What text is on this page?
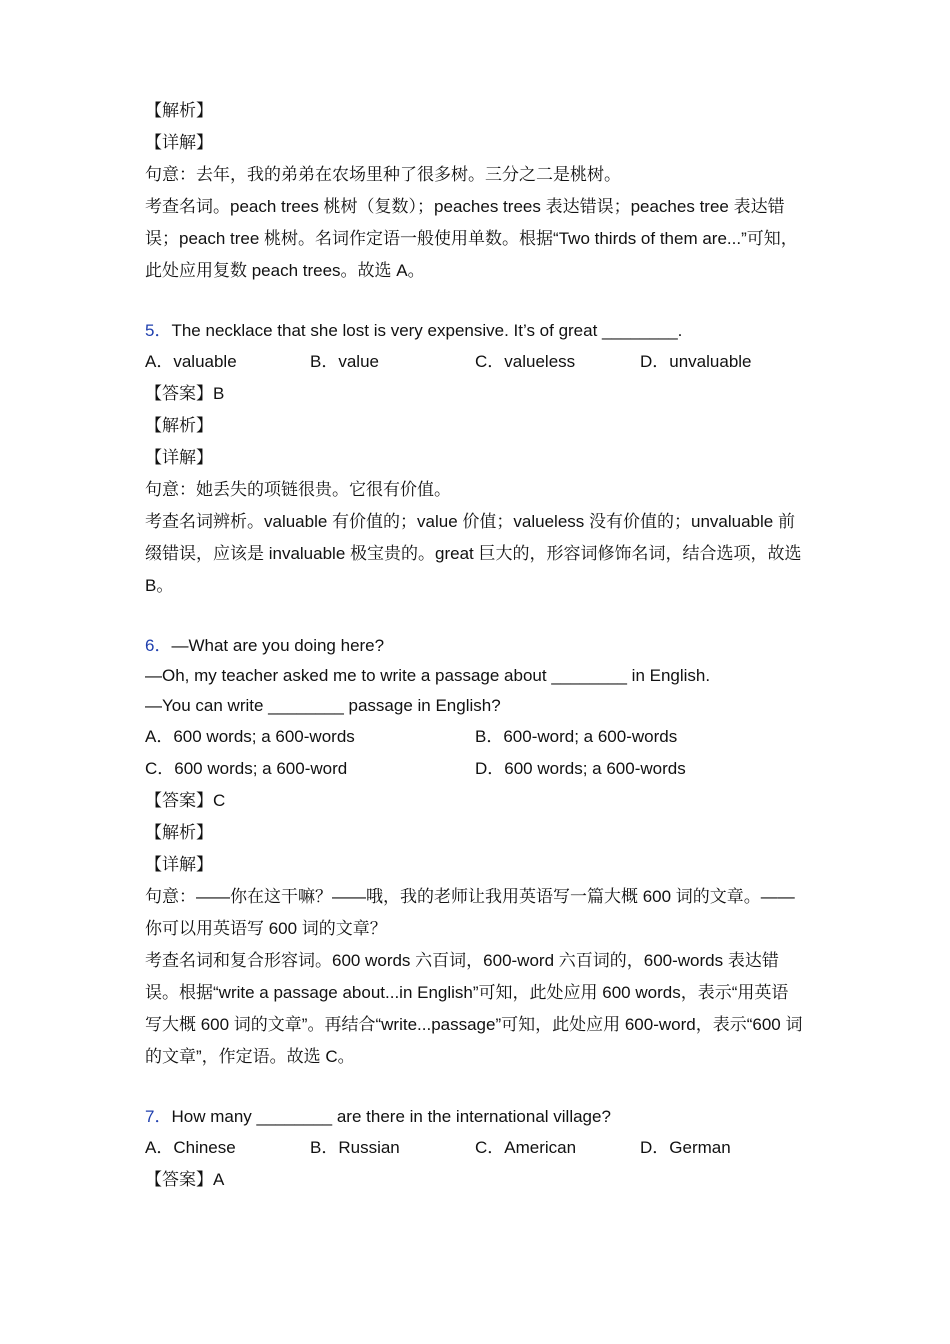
【解析】
【详解】
句意：去年，我的弟弟在农场里种了很多树。三分之二是桃树。
考查名词。peach trees 桃树（复数）；peaches trees 表达错误；peaches tree 表达错误；peach tree 桃树。名词作定语一般使用单数。根据“Two thirds of them are...”可知，此处应用复数 peach trees。故选 A。
5．The necklace that she lost is very expensive. It’s of great ________.
A．valuable	B．value	C．valueless	D．unvaluable
【答案】B
【解析】
【详解】
句意：她丢失的项链很贵。它很有价值。
考查名词辨析。valuable 有价值的；value 价值；valueless 没有价值的；unvaluable 前缀错误，应该是 invaluable 极宝贵的。great 巨大的，形容词修饰名词，结合选项，故选 B。
6．—What are you doing here?
—Oh, my teacher asked me to write a passage about ________ in English.
—You can write ________ passage in English?
A．600 words; a 600-words	B．600-word; a 600-words
C．600 words; a 600-word	D．600 words; a 600-words
【答案】C
【解析】
【详解】
句意：——你在这干嘛？——哦，我的老师让我用英语写一篇大概 600 词的文章。——你可以用英语写 600 词的文章？
考查名词和复合形容词。600 words 六百词，600-word 六百词的，600-words 表达错误。根据“write a passage about...in English”可知，此处应用 600 words，表示“用英语写大概 600 词的文章”。再结合“write...passage”可知，此处应用 600-word，表示“600 词的文章”，作定语。故选 C。
7．How many ________ are there in the international village?
A．Chinese	B．Russian	C．American	D．German
【答案】A
